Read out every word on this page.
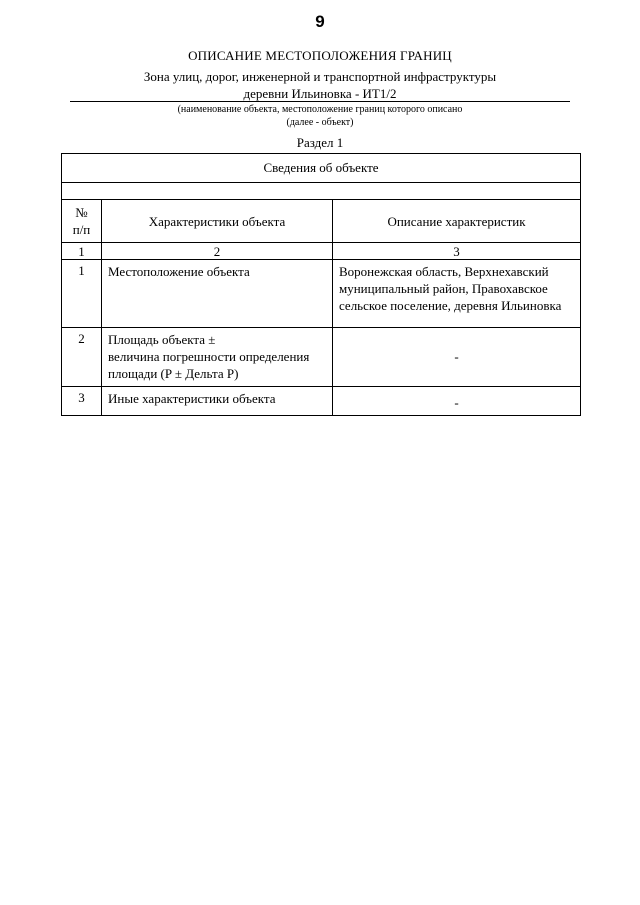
9
ОПИСАНИЕ МЕСТОПОЛОЖЕНИЯ ГРАНИЦ
Зона улиц, дорог, инженерной и транспортной инфраструктуры
деревни Ильиновка - ИТ1/2
(наименование объекта, местоположение границ которого описано
(далее - объект)
Раздел 1
Сведения об объекте		

№
п/п	Характеристики объекта	Описание характеристик
1	2	3
1	Местоположение объекта	Воронежская область, Верхнехавский муниципальный район, Правохавское сельское поселение, деревня Ильиновка
2	Площадь объекта ±
величина погрешности определения
площади (P ± Дельта P)	-
3	Иные характеристики объекта	-
